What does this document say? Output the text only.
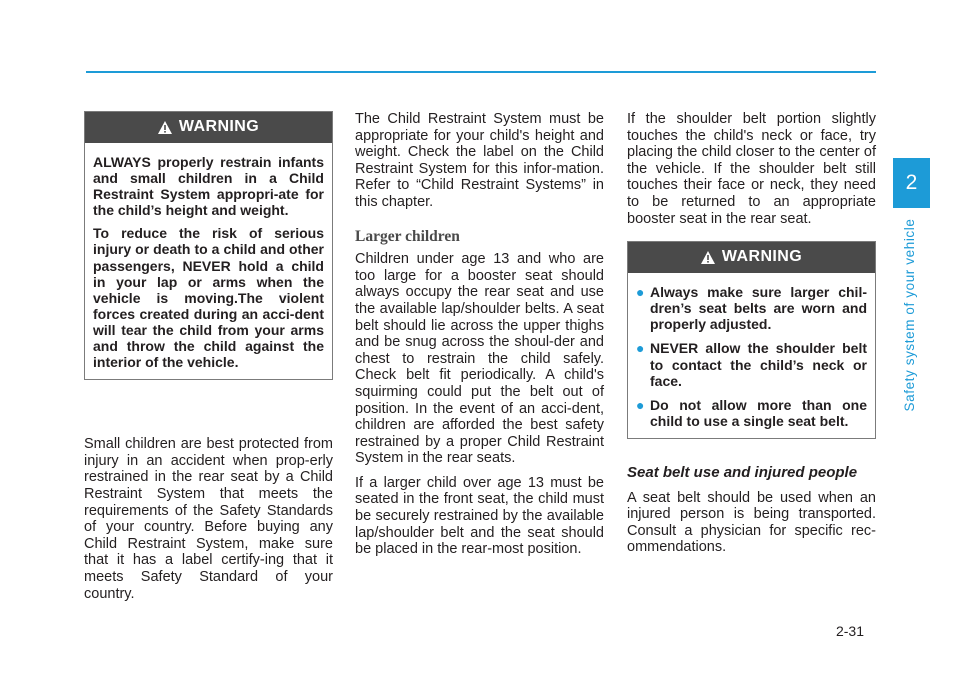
2
Safety system of your vehicle
2-31
WARNING

ALWAYS properly restrain infants and small children in a Child Restraint System appropri-ate for the child’s height and weight.

To reduce the risk of serious injury or death to a child and other passengers, NEVER hold a child in your lap or arms when the vehicle is moving.The violent forces created during an acci-dent will tear the child from your arms and throw the child against the interior of the vehicle.

Small children are best protected from injury in an accident when prop-erly restrained in the rear seat by a Child Restraint System that meets the requirements of the Safety Standards of your country. Before buying any Child Restraint System, make sure that it has a label certify-ing that it meets Safety Standard of your country.

The Child Restraint System must be appropriate for your child's height and weight. Check the label on the Child Restraint System for this infor-mation. Refer to “Child Restraint Systems” in this chapter.

Larger children

Children under age 13 and who are too large for a booster seat should always occupy the rear seat and use the available lap/shoulder belts. A seat belt should lie across the upper thighs and be snug across the shoul-der and chest to restrain the child safely. Check belt fit periodically. A child's squirming could put the belt out of position. In the event of an acci-dent, children are afforded the best safety restrained by a proper Child Restraint System in the rear seats.

If a larger child over age 13 must be seated in the front seat, the child must be securely restrained by the available lap/shoulder belt and the seat should be placed in the rear-most position.

If the shoulder belt portion slightly touches the child's neck or face, try placing the child closer to the center of the vehicle. If the shoulder belt still touches their face or neck, they need to be returned to an appropriate booster seat in the rear seat.

WARNING
● Always make sure larger chil-dren’s seat belts are worn and properly adjusted.
● NEVER allow the shoulder belt to contact the child’s neck or face.
● Do not allow more than one child to use a single seat belt.
Seat belt use and injured people

A seat belt should be used when an injured person is being transported. Consult a physician for specific rec-ommendations.
